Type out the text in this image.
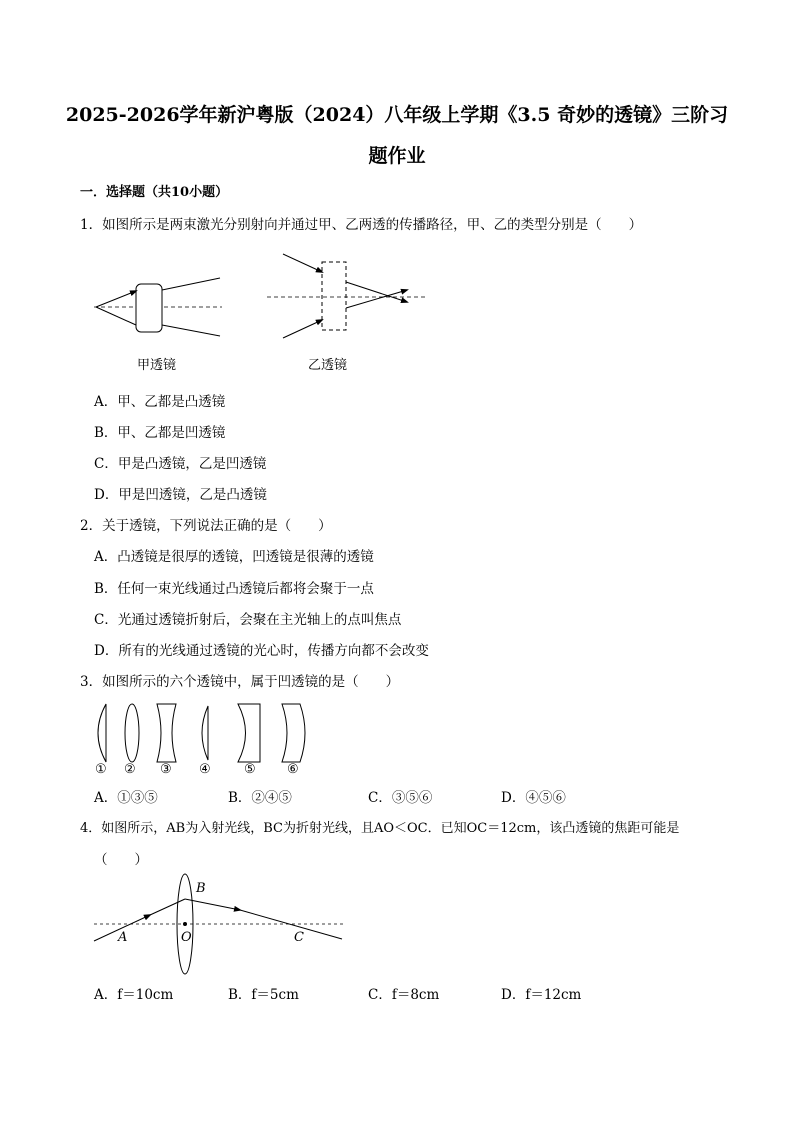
2025-2026学年新沪粤版（2024）八年级上学期《3.5 奇妙的透镜》三阶习
题作业
一．选择题（共10小题）
1．如图所示是两束激光分别射向并通过甲、乙两透的传播路径，甲、乙的类型分别是（　　）
甲透镜	乙透镜
A．甲、乙都是凸透镜
B．甲、乙都是凹透镜
C．甲是凸透镜，乙是凹透镜
D．甲是凹透镜，乙是凸透镜
2．关于透镜，下列说法正确的是（　　）
A．凸透镜是很厚的透镜，凹透镜是很薄的透镜
B．任何一束光线通过凸透镜后都将会聚于一点
C．光通过透镜折射后，会聚在主光轴上的点叫焦点
D．所有的光线通过透镜的光心时，传播方向都不会改变
3．如图所示的六个透镜中，属于凹透镜的是（　　）
① ② ③ ④	⑤ ⑥
A．①③⑤	B．②④⑤	C．③⑤⑥	D．④⑤⑥
4．如图所示，AB为入射光线，BC为折射光线，且AO＜OC．已知OC＝12cm，该凸透镜的焦距可能是
（　　）
B
A	O	C
A．f＝10cm	B．f＝5cm	C．f＝8cm	D．f＝12cm
